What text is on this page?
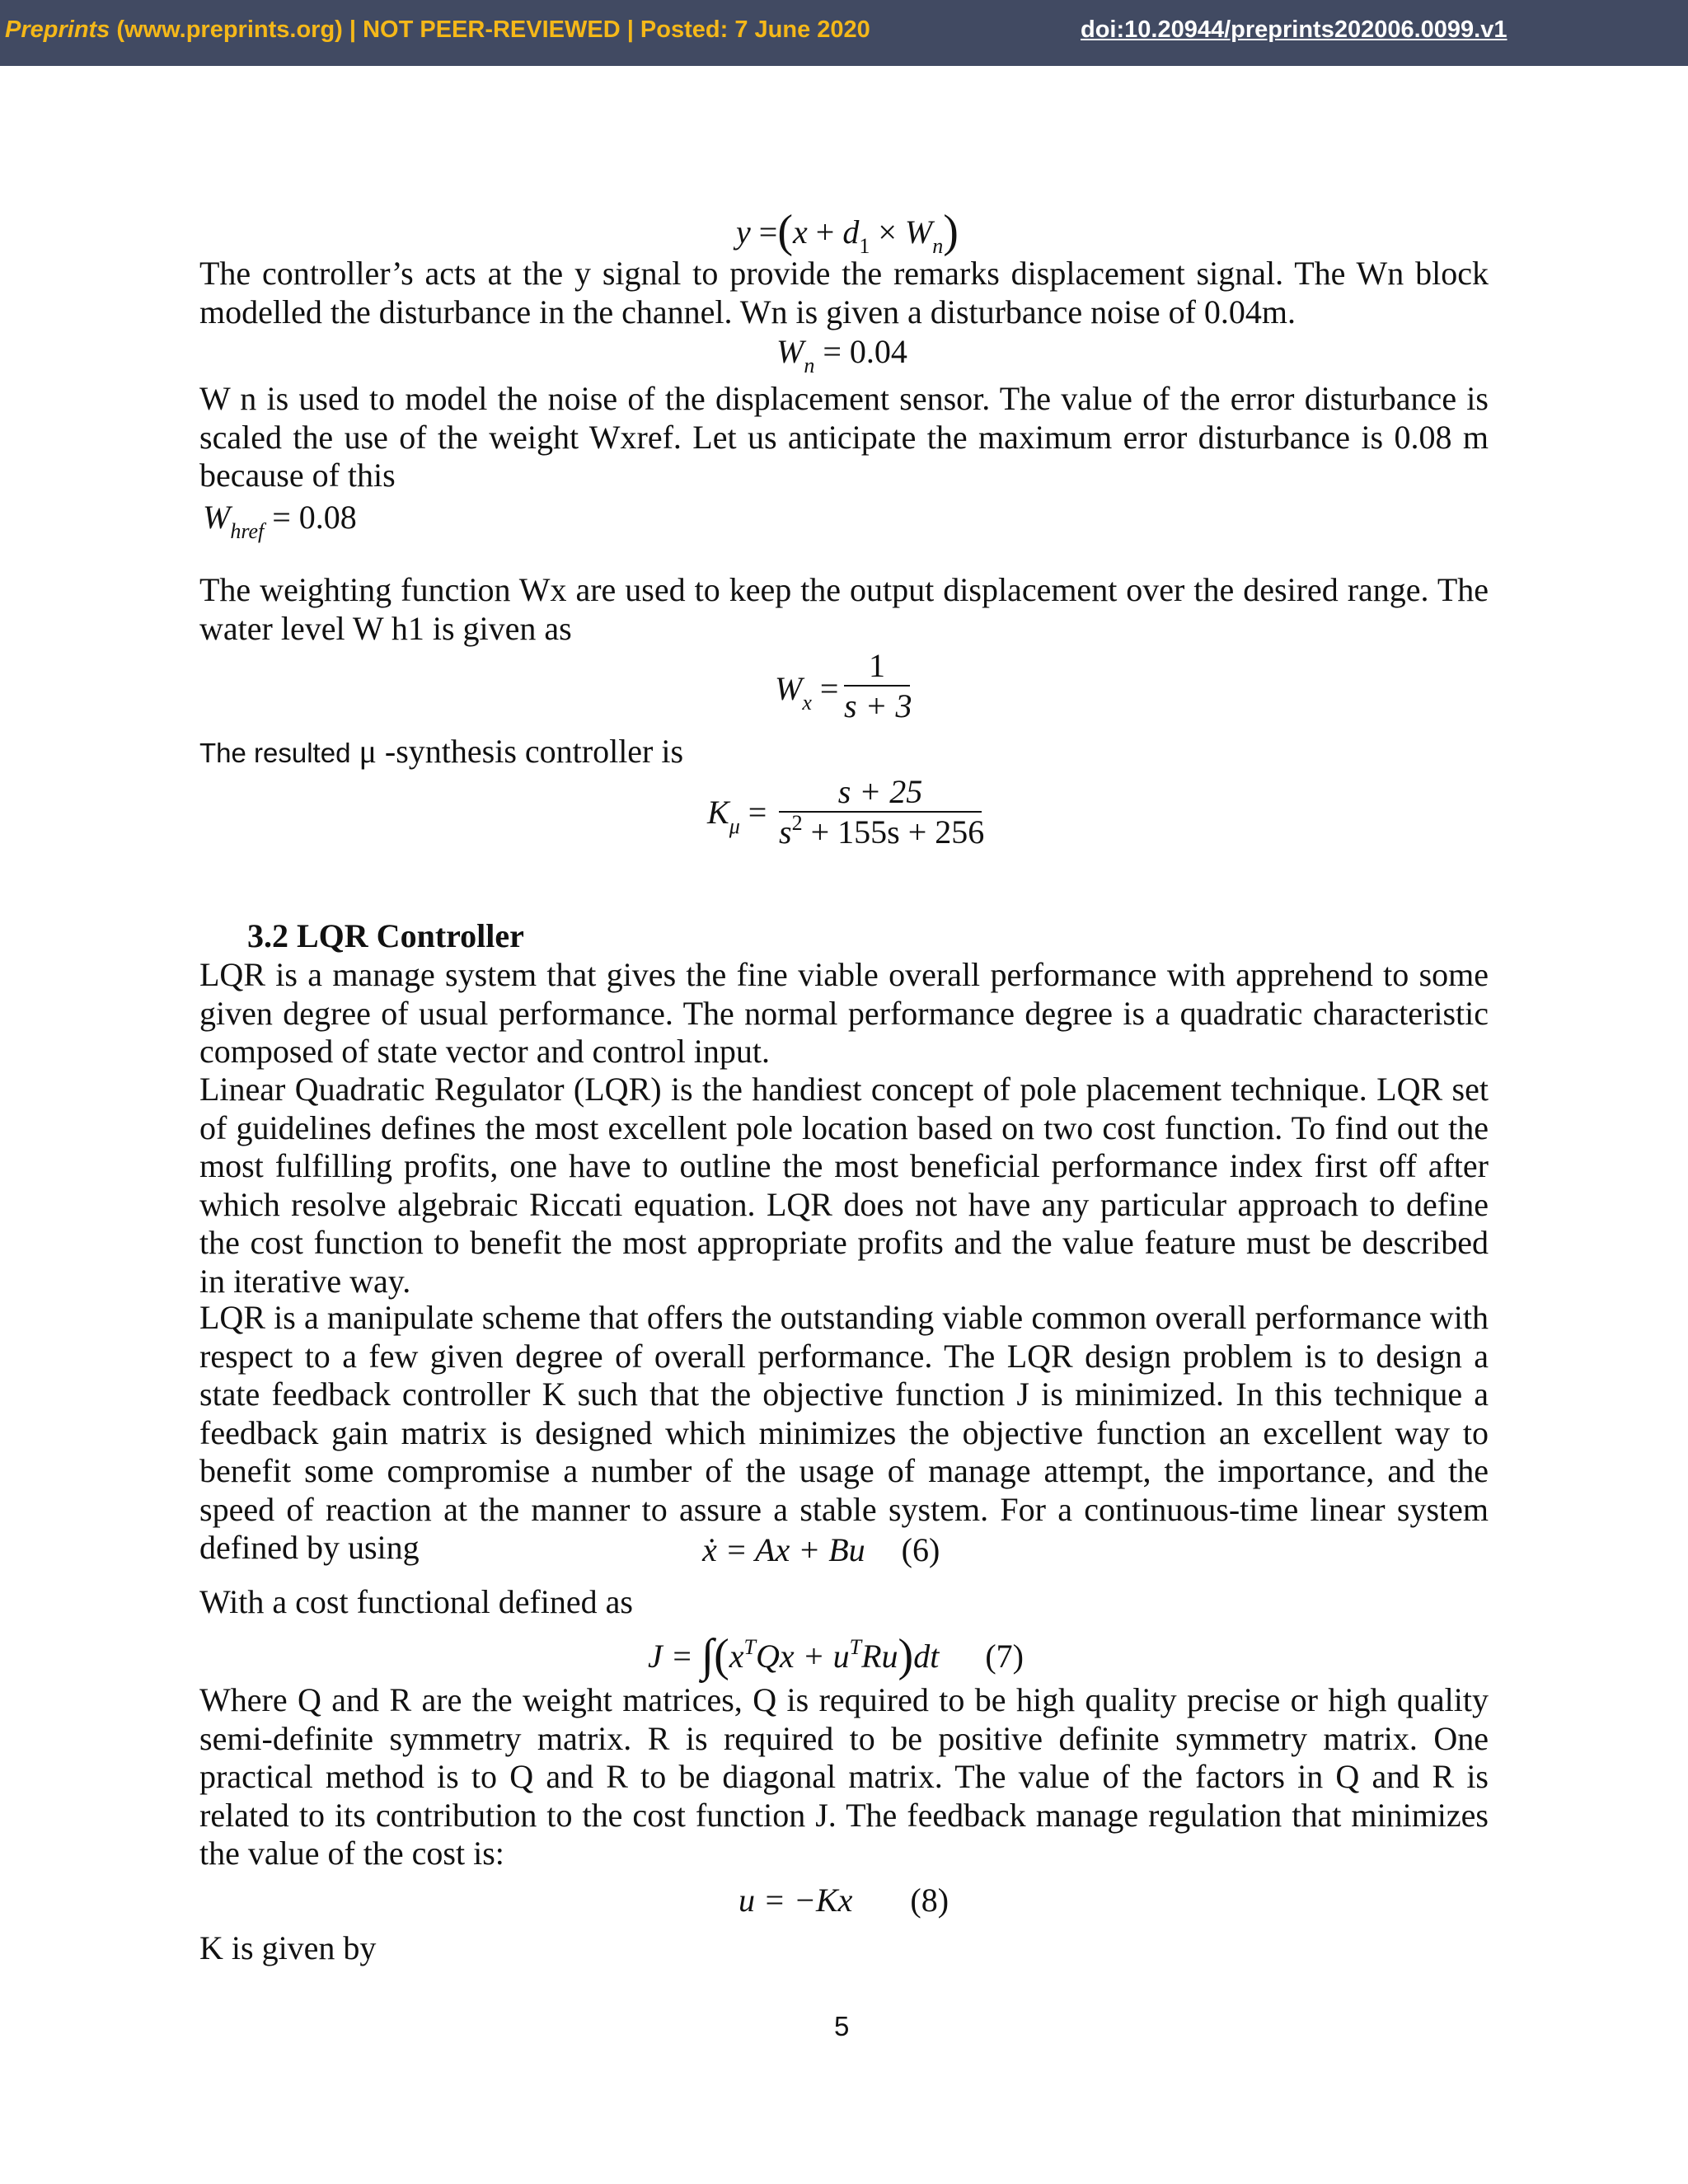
Preprints (www.preprints.org) | NOT PEER-REVIEWED | Posted: 7 June 2020	doi:10.20944/preprints202006.0099.v1
$y =(x + d_1 \times W_n)$

The controller’s acts at the y signal to provide the remarks displacement signal. The Wn block modelled the disturbance in the channel. Wn is given a disturbance noise of 0.04m.

$W_n = 0.04$

W n is used to model the noise of the displacement sensor. The value of the error disturbance is scaled the use of the weight Wxref. Let us anticipate the maximum error disturbance is 0.08 m because of this

$W_{href} = 0.08$

The weighting function Wx are used to keep the output displacement over the desired range. The water level W h1 is given as

$W_x$ =
1
s + 3
The resulted μ -synthesis controller is
$K_\mu$ =
s + 25
$s^2 + 155s + 256$
3.2 LQR Controller

LQR is a manage system that gives the fine viable overall performance with apprehend to some given degree of usual performance. The normal performance degree is a quadratic characteristic composed of state vector and control input.

Linear Quadratic Regulator (LQR) is the handiest concept of pole placement technique. LQR set of guidelines defines the most excellent pole location based on two cost function. To find out the most fulfilling profits, one have to outline the most beneficial performance index first off after which resolve algebraic Riccati equation. LQR does not have any particular approach to define the cost function to benefit the most appropriate profits and the value feature must be described in iterative way.

LQR is a manipulate scheme that offers the outstanding viable common overall performance with respect to a few given degree of overall performance. The LQR design problem is to design a state feedback controller K such that the objective function J is minimized. In this technique a feedback gain matrix is designed which minimizes the objective function an excellent way to benefit some compromise a number of the usage of manage attempt, the importance, and the speed of reaction at the manner to assure a stable system. For a continuous-time linear system defined by using	ẋ = Ax + Bu (6)
With a cost functional defined as
$J = \int(x^TQx + u^TRu)dt$ (7)

Where Q and R are the weight matrices, Q is required to be high quality precise or high quality semi-definite symmetry matrix. R is required to be positive definite symmetry matrix. One practical method is to Q and R to be diagonal matrix. The value of the factors in Q and R is related to its contribution to the cost function J. The feedback manage regulation that minimizes the value of the cost is:

u = −Kx (8)
K is given by
5
